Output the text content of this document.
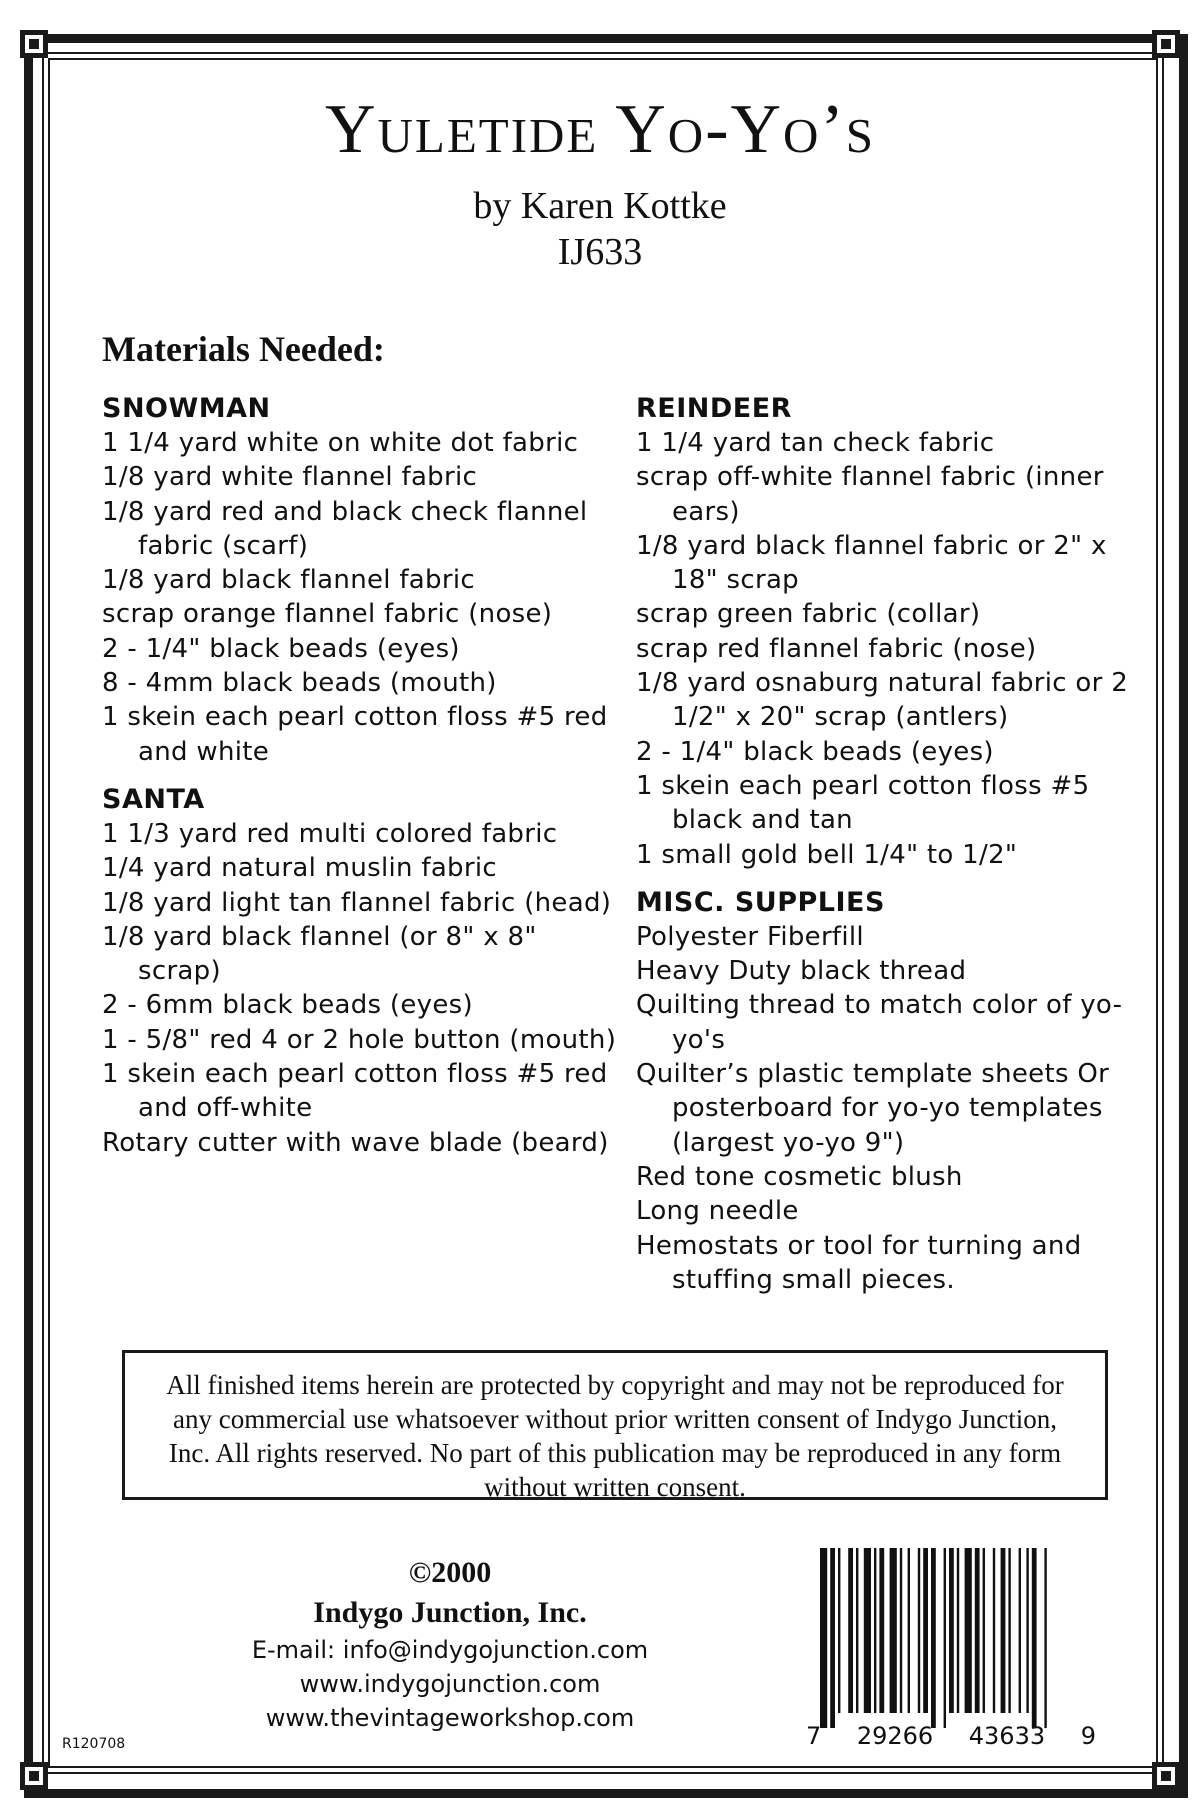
Yuletide Yo-Yo’s
by Karen Kottke
IJ633
Materials Needed:
SNOWMAN
1 1/4 yard white on white dot fabric
1/8 yard white flannel fabric
1/8 yard red and black check flannel fabric (scarf)
1/8 yard black flannel fabric
scrap orange flannel fabric (nose)
2 - 1/4" black beads (eyes)
8 - 4mm black beads (mouth)
1 skein each pearl cotton floss #5 red and white
SANTA
1 1/3 yard red multi colored fabric
1/4 yard natural muslin fabric
1/8 yard light tan flannel fabric (head)
1/8 yard black flannel (or 8" x 8" scrap)
2 - 6mm black beads (eyes)
1 - 5/8" red 4 or 2 hole button (mouth)
1 skein each pearl cotton floss #5 red and off-white
Rotary cutter with wave blade (beard)
REINDEER
1 1/4 yard tan check fabric
scrap off-white flannel fabric (inner ears)
1/8 yard black flannel fabric or 2" x 18" scrap
scrap green fabric (collar)
scrap red flannel fabric (nose)
1/8 yard osnaburg natural fabric or 2 1/2" x 20" scrap (antlers)
2 - 1/4" black beads (eyes)
1 skein each pearl cotton floss #5 black and tan
1 small gold bell 1/4" to 1/2"
MISC. SUPPLIES
Polyester Fiberfill
Heavy Duty black thread
Quilting thread to match color of yo-yo's
Quilter’s plastic template sheets Or posterboard for yo-yo templates (largest yo-yo 9")
Red tone cosmetic blush
Long needle
Hemostats or tool for turning and stuffing small pieces.
All finished items herein are protected by copyright and may not be reproduced for any commercial use whatsoever without prior written consent of Indygo Junction, Inc. All rights reserved. No part of this publication may be reproduced in any form without written consent.
©2000
Indygo Junction, Inc.
E-mail: info@indygojunction.com
www.indygojunction.com
www.thevintageworkshop.com
R120708	7 29266 43633 9
